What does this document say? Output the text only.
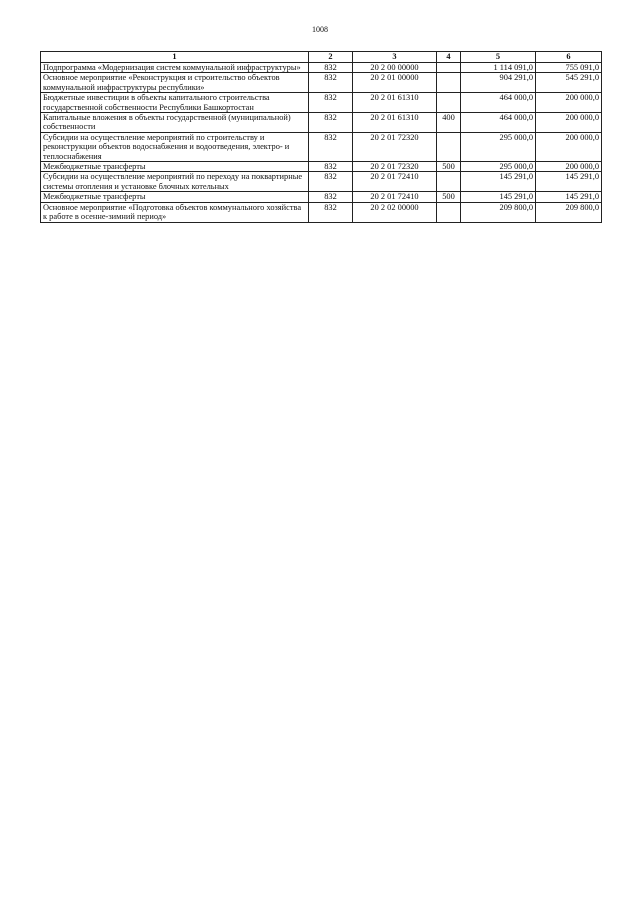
1008
1	2	3	4	5	6
Подпрограмма «Модернизация систем коммунальной инфраструктуры»	832	20 2 00 00000		1 114 091,0	755 091,0
Основное мероприятие «Реконструкция и строительство объектов коммунальной инфраструктуры республики»	832	20 2 01 00000		904 291,0	545 291,0
Бюджетные инвестиции в объекты капитального строительства государственной собственности Республики Башкортостан	832	20 2 01 61310		464 000,0	200 000,0
Капитальные вложения в объекты государственной (муниципальной) собственности	832	20 2 01 61310	400	464 000,0	200 000,0
Субсидии на осуществление мероприятий по строительству и реконструкции объектов водоснабжения и водоотведения, электро- и теплоснабжения	832	20 2 01 72320		295 000,0	200 000,0
Межбюджетные трансферты	832	20 2 01 72320	500	295 000,0	200 000,0
Субсидии на осуществление мероприятий по переходу на поквартирные системы отопления и установке блочных котельных	832	20 2 01 72410		145 291,0	145 291,0
Межбюджетные трансферты	832	20 2 01 72410	500	145 291,0	145 291,0
Основное мероприятие «Подготовка объектов коммунального хозяйства к работе в осенне-зимний период»	832	20 2 02 00000		209 800,0	209 800,0
